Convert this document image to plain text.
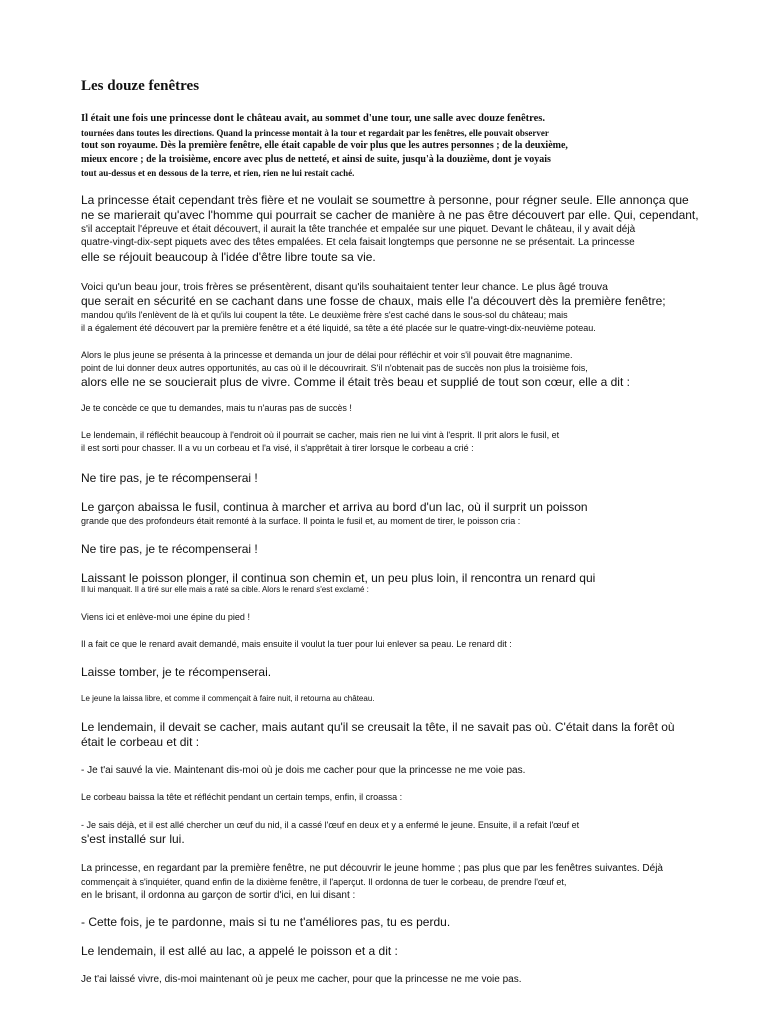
Les douze fenêtres
Il était une fois une princesse dont le château avait, au sommet d'une tour, une salle avec douze fenêtres.
tournées dans toutes les directions. Quand la princesse montait à la tour et regardait par les fenêtres, elle pouvait observer
tout son royaume. Dès la première fenêtre, elle était capable de voir plus que les autres personnes ; de la deuxième,
mieux encore ; de la troisième, encore avec plus de netteté, et ainsi de suite, jusqu'à la douzième, dont je voyais
tout au-dessus et en dessous de la terre, et rien, rien ne lui restait caché.
La princesse était cependant très fière et ne voulait se soumettre à personne, pour régner seule. Elle annonça que
ne se marierait qu'avec l'homme qui pourrait se cacher de manière à ne pas être découvert par elle. Qui, cependant,
s'il acceptait l'épreuve et était découvert, il aurait la tête tranchée et empalée sur une piquet. Devant le château, il y avait déjà
quatre-vingt-dix-sept piquets avec des têtes empalées. Et cela faisait longtemps que personne ne se présentait. La princesse
elle se réjouit beaucoup à l'idée d'être libre toute sa vie.
Voici qu'un beau jour, trois frères se présentèrent, disant qu'ils souhaitaient tenter leur chance. Le plus âgé trouva
que serait en sécurité en se cachant dans une fosse de chaux, mais elle l'a découvert dès la première fenêtre;
mandou qu'ils l'enlèvent de là et qu'ils lui coupent la tête. Le deuxième frère s'est caché dans le sous-sol du château; mais
il a également été découvert par la première fenêtre et a été liquidé, sa tête a été placée sur le quatre-vingt-dix-neuvième poteau.
Alors le plus jeune se présenta à la princesse et demanda un jour de délai pour réfléchir et voir s'il pouvait être magnanime.
point de lui donner deux autres opportunités, au cas où il le découvrirait. S'il n'obtenait pas de succès non plus la troisième fois,
alors elle ne se soucierait plus de vivre. Comme il était très beau et supplié de tout son cœur, elle a dit :
Je te concède ce que tu demandes, mais tu n'auras pas de succès !
Le lendemain, il réfléchit beaucoup à l'endroit où il pourrait se cacher, mais rien ne lui vint à l'esprit. Il prit alors le fusil, et
il est sorti pour chasser. Il a vu un corbeau et l'a visé, il s'apprêtait à tirer lorsque le corbeau a crié :
Ne tire pas, je te récompenserai !
Le garçon abaissa le fusil, continua à marcher et arriva au bord d'un lac, où il surprit un poisson
grande que des profondeurs était remonté à la surface. Il pointa le fusil et, au moment de tirer, le poisson cria :
Ne tire pas, je te récompenserai !
Laissant le poisson plonger, il continua son chemin et, un peu plus loin, il rencontra un renard qui
Il lui manquait. Il a tiré sur elle mais a raté sa cible. Alors le renard s'est exclamé :
Viens ici et enlève-moi une épine du pied !
Il a fait ce que le renard avait demandé, mais ensuite il voulut la tuer pour lui enlever sa peau. Le renard dit :
Laisse tomber, je te récompenserai.
Le jeune la laissa libre, et comme il commençait à faire nuit, il retourna au château.
Le lendemain, il devait se cacher, mais autant qu'il se creusait la tête, il ne savait pas où. C'était dans la forêt où
était le corbeau et dit :
- Je t'ai sauvé la vie. Maintenant dis-moi où je dois me cacher pour que la princesse ne me voie pas.
Le corbeau baissa la tête et réfléchit pendant un certain temps, enfin, il croassa :
- Je sais déjà, et il est allé chercher un œuf du nid, il a cassé l'œuf en deux et y a enfermé le jeune. Ensuite, il a refait l'œuf et
s'est installé sur lui.
La princesse, en regardant par la première fenêtre, ne put découvrir le jeune homme ; pas plus que par les fenêtres suivantes. Déjà
commençait à s'inquiéter, quand enfin de la dixième fenêtre, il l'aperçut. Il ordonna de tuer le corbeau, de prendre l'œuf et,
en le brisant, il ordonna au garçon de sortir d'ici, en lui disant :
- Cette fois, je te pardonne, mais si tu ne t'améliores pas, tu es perdu.
Le lendemain, il est allé au lac, a appelé le poisson et a dit :
Je t'ai laissé vivre, dis-moi maintenant où je peux me cacher, pour que la princesse ne me voie pas.
